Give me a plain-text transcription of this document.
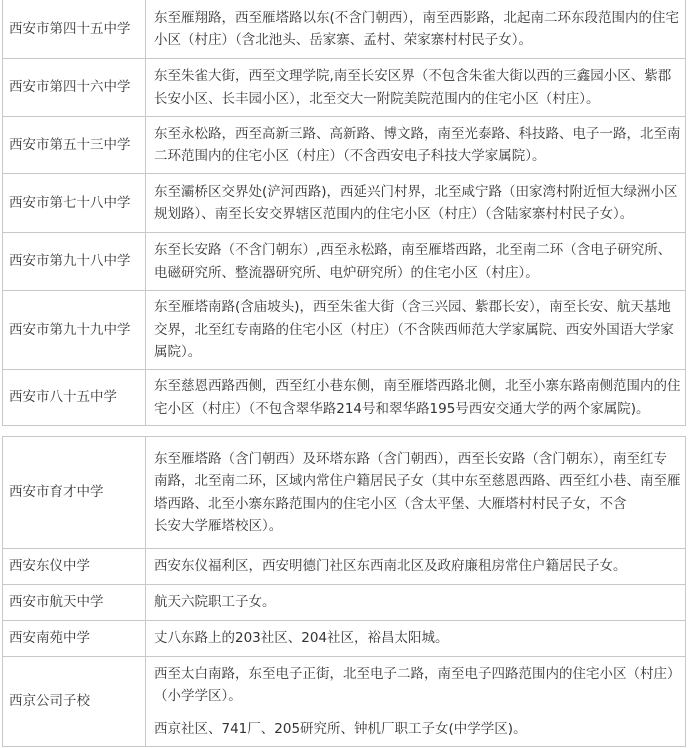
西安市第四十五中学	东至雁翔路，西至雁塔路以东(不含门朝西），南至西影路，北起南二环东段范围内的住宅
小区（村庄）（含北池头、岳家寨、孟村、荣家寨村村民子女）。

西安市第四十六中学	东至朱雀大街，西至文理学院,南至长安区界（不包含朱雀大街以西的三鑫园小区、紫郡
长安小区、长丰园小区），北至交大一附院美院范围内的住宅小区（村庄）。

西安市第五十三中学	东至永松路，西至高新三路、高新路、博文路，南至光泰路、科技路、电子一路，北至南
二环范围内的住宅小区（村庄）（不含西安电子科技大学家属院）。

西安市第七十八中学	东至灞桥区交界处(浐河西路)，西延兴门村界，北至咸宁路（田家湾村附近恒大绿洲小区
规划路）、南至长安交界辖区范围内的住宅小区（村庄）（含陆家寨村村民子女）。

西安市第九十八中学	东至长安路（不含门朝东）,西至永松路，南至雁塔西路，北至南二环（含电子研究所、
电磁研究所、整流器研究所、电炉研究所）的住宅小区（村庄）。

西安市第九十九中学	东至雁塔南路(含庙坡头)，西至朱雀大街（含三兴园、紫郡长安），南至长安、航天基地
交界，北至红专南路的住宅小区（村庄）（不含陕西师范大学家属院、西安外国语大学家
属院）。

西安市八十五中学	东至慈恩西路西侧，西至红小巷东侧，南至雁塔西路北侧，北至小寨东路南侧范围内的住
宅小区（村庄）（不包含翠华路214号和翠华路195号西安交通大学的两个家属院)。
西安市育才中学	东至雁塔路（含门朝西）及环塔东路（含门朝西），西至长安路（含门朝东），南至红专
南路，北至南二环，区域内常住户籍居民子女（其中东至慈恩西路、西至红小巷、南至雁
塔西路、北至小寨东路范围内的住宅小区（含太平堡、大雁塔村村民子女，不含
长安大学雁塔校区）。

西安东仪中学	西安东仪福利区，西安明德门社区东西南北区及政府廉租房常住户籍居民子女。

西安市航天中学	航天六院职工子女。

西安南苑中学	丈八东路上的203社区、204社区，裕昌太阳城。

西京公司子校	西至太白南路，东至电子正街，北至电子二路，南至电子四路范围内的住宅小区（村庄）
（小学学区）。
西京社区、741厂、205研究所、钟机厂职工子女(中学学区)。
